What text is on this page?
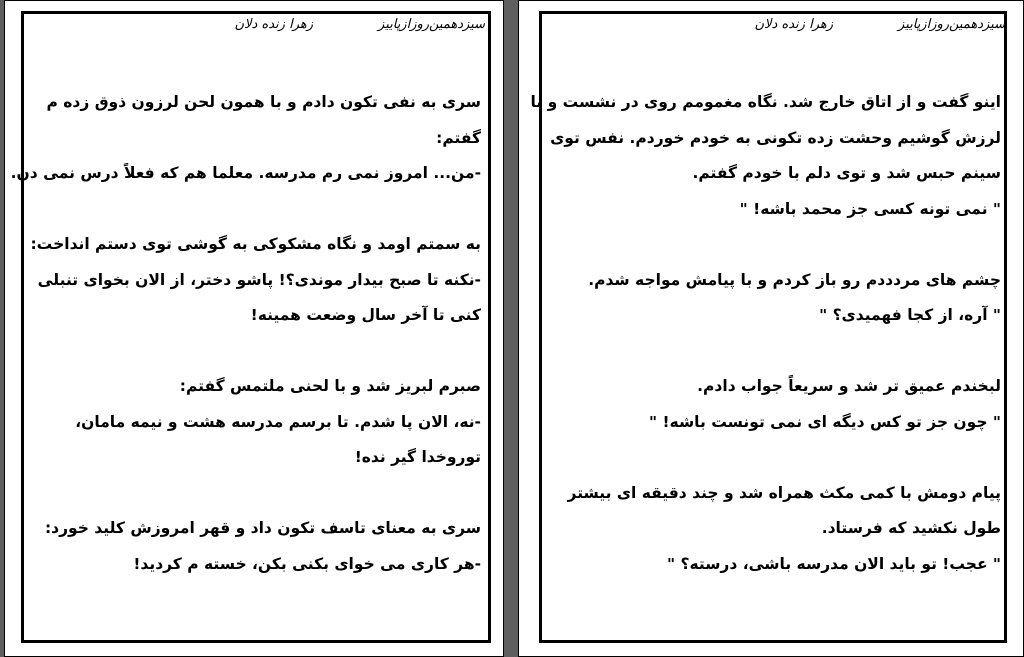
سیزدهمین‌روزازپاییز
زهرا زنده دلان
سری به نفی تکون دادم و با همون لحن لرزون ذوق زده م
گفتم:
-من... امروز نمی رم مدرسه. معلما هم که فعلاً درس نمی دن.
به سمتم اومد و نگاه مشکوکی به گوشی توی دستم انداخت:
-نکنه تا صبح بیدار موندی؟! پاشو دختر، از الان بخوای تنبلی
کنی تا آخر سال وضعت همینه!
صبرم لبریز شد و با لحنی ملتمس گفتم:
-نه، الان پا شدم. تا برسم مدرسه هشت و نیمه مامان،
تورو‌خدا گیر نده!
سری به معنای تاسف تکون داد و قهر امروزش کلید خورد:
-هر کاری می خوای بکنی بکن، خسته م کردید!
سیزدهمین‌روزازپاییز
زهرا زنده دلان
اینو گفت و از اتاق خارج شد. نگاه مغمومم روی در نشست و با
لرزش گوشیم وحشت زده تکونی به خودم خوردم. نفس توی
سینم حبس شد و توی دلم با خودم گفتم.
" نمی تونه کسی جز محمد باشه! "
چشم های مردددم رو باز کردم و با پیامش مواجه شدم.
" آره، از کجا فهمیدی؟ "
لبخندم عمیق تر شد و سریعاً جواب دادم.
" چون جز تو کس دیگه ای نمی تونست باشه! "
پیام دومش با کمی مکث همراه شد و چند دقیقه ای بیشتر
طول نکشید که فرستاد.
" عجب! تو باید الان مدرسه باشی، درسته؟ "
